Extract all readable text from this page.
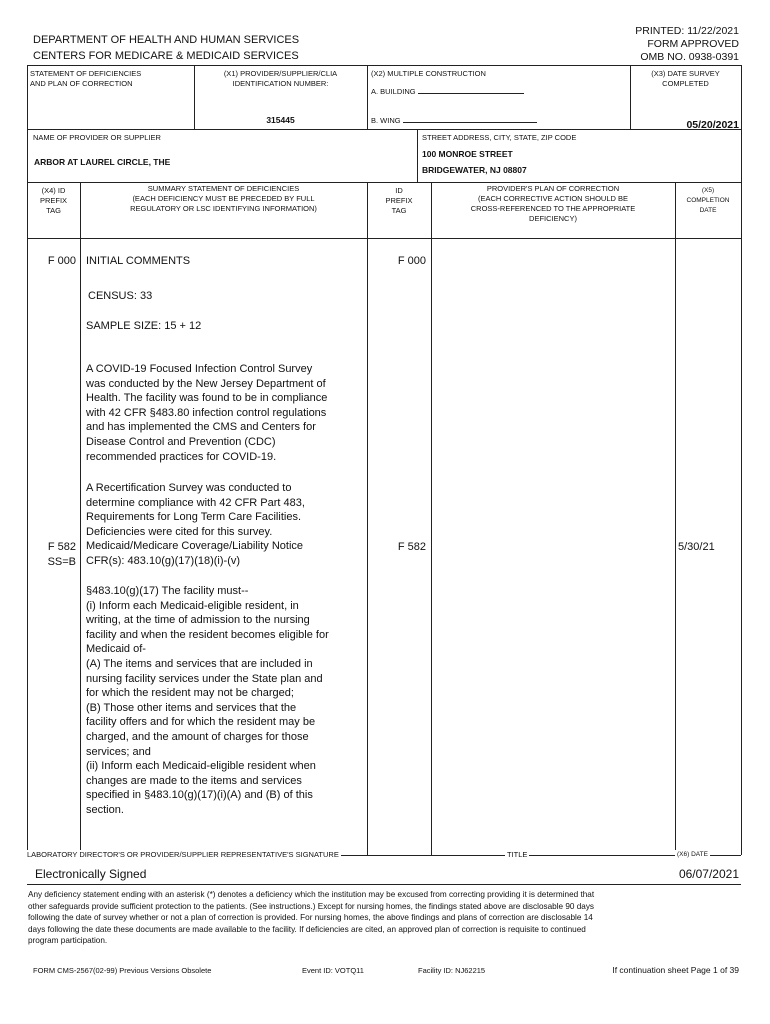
DEPARTMENT OF HEALTH AND HUMAN SERVICES
CENTERS FOR MEDICARE & MEDICAID SERVICES
PRINTED: 11/22/2021
FORM APPROVED
OMB NO. 0938-0391
STATEMENT OF DEFICIENCIES
AND PLAN OF CORRECTION
(X1) PROVIDER/SUPPLIER/CLIA
IDENTIFICATION NUMBER:
315445
(X2) MULTIPLE CONSTRUCTION
A. BUILDING
B. WING
(X3) DATE SURVEY
COMPLETED
05/20/2021
NAME OF PROVIDER OR SUPPLIER
ARBOR AT LAUREL CIRCLE, THE
STREET ADDRESS, CITY, STATE, ZIP CODE
100 MONROE STREET
BRIDGEWATER, NJ 08807
(X4) ID
PREFIX
TAG
SUMMARY STATEMENT OF DEFICIENCIES
(EACH DEFICIENCY MUST BE PRECEDED BY FULL
REGULATORY OR LSC IDENTIFYING INFORMATION)
ID
PREFIX
TAG
PROVIDER'S PLAN OF CORRECTION
(EACH CORRECTIVE ACTION SHOULD BE
CROSS-REFERENCED TO THE APPROPRIATE
DEFICIENCY)
(X5)
COMPLETION
DATE
F 000	F 000
INITIAL COMMENTS
CENSUS: 33
SAMPLE SIZE: 15 + 12
A COVID-19 Focused Infection Control Survey
was conducted by the New Jersey Department of
Health. The facility was found to be in compliance
with 42 CFR §483.80 infection control regulations
and has implemented the CMS and Centers for
Disease Control and Prevention (CDC)
recommended practices for COVID-19.
A Recertification Survey was conducted to
determine compliance with 42 CFR Part 483,
Requirements for Long Term Care Facilities.
Deficiencies were cited for this survey.
Medicaid/Medicare Coverage/Liability Notice
CFR(s): 483.10(g)(17)(18)(i)-(v)
F 582
SS=B
F 582	5/30/21
§483.10(g)(17) The facility must--
(i) Inform each Medicaid-eligible resident, in
writing, at the time of admission to the nursing
facility and when the resident becomes eligible for
Medicaid of-
(A) The items and services that are included in
nursing facility services under the State plan and
for which the resident may not be charged;
(B) Those other items and services that the
facility offers and for which the resident may be
charged, and the amount of charges for those
services; and
(ii) Inform each Medicaid-eligible resident when
changes are made to the items and services
specified in §483.10(g)(17)(i)(A) and (B) of this
section.
LABORATORY DIRECTOR'S OR PROVIDER/SUPPLIER REPRESENTATIVE'S SIGNATURE	TITLE	(X6) DATE
Electronically Signed	06/07/2021
Any deficiency statement ending with an asterisk (*) denotes a deficiency which the institution may be excused from correcting providing it is determined that
other safeguards provide sufficient protection to the patients. (See instructions.) Except for nursing homes, the findings stated above are disclosable 90 days
following the date of survey whether or not a plan of correction is provided. For nursing homes, the above findings and plans of correction are disclosable 14
days following the date these documents are made available to the facility. If deficiencies are cited, an approved plan of correction is requisite to continued
program participation.
FORM CMS-2567(02-99) Previous Versions Obsolete	Event ID: VOTQ11	Facility ID: NJ62215	If continuation sheet Page 1 of 39
